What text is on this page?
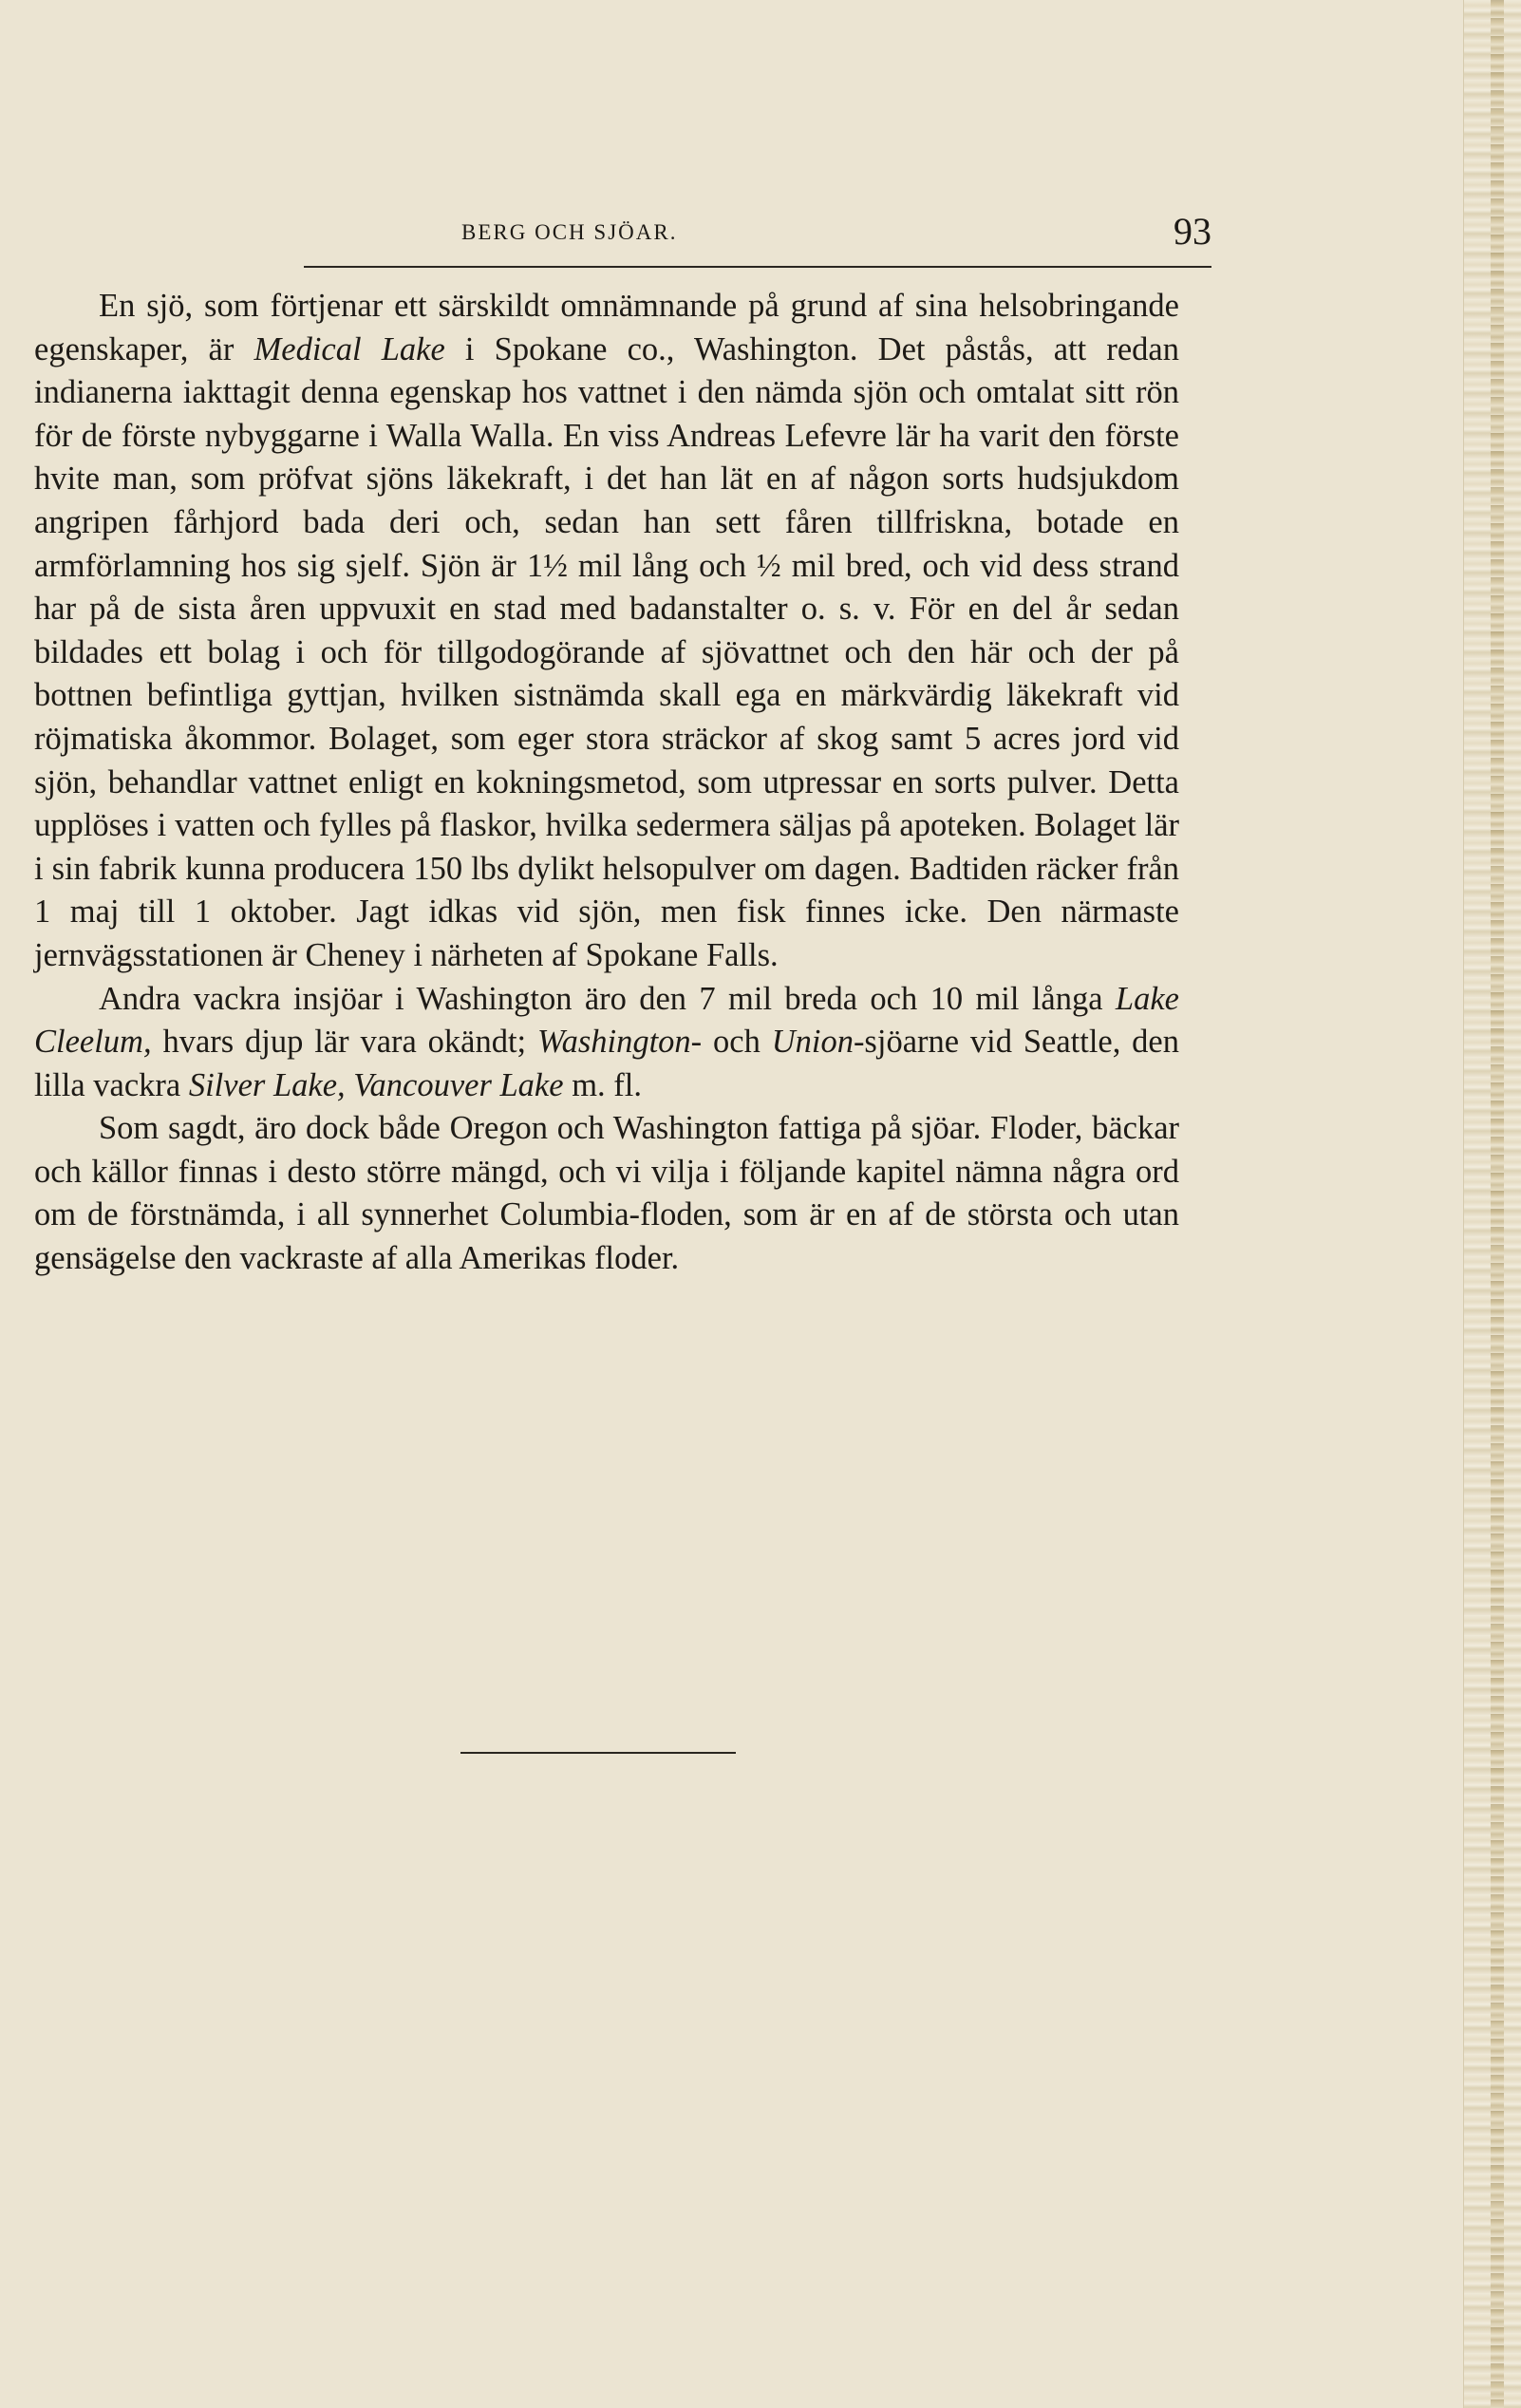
BERG OCH SJÖAR.	93

En sjö, som förtjenar ett särskildt omnämnande på grund af sina helsobringande egenskaper, är Medical Lake i Spokane co., Washington. Det påstås, att redan indianerna iakttagit denna egenskap hos vattnet i den nämda sjön och omtalat sitt rön för de förste nybyggarne i Walla Walla. En viss Andreas Lefevre lär ha varit den förste hvite man, som pröfvat sjöns läkekraft, i det han lät en af någon sorts hudsjukdom angripen fårhjord bada deri och, sedan han sett fåren tillfriskna, botade en armförlamning hos sig sjelf. Sjön är 1½ mil lång och ½ mil bred, och vid dess strand har på de sista åren uppvuxit en stad med badanstalter o. s. v. För en del år sedan bildades ett bolag i och för tillgodogörande af sjövattnet och den här och der på bottnen befintliga gyttjan, hvilken sistnämda skall ega en märkvärdig läkekraft vid röjmatiska åkommor. Bolaget, som eger stora sträckor af skog samt 5 acres jord vid sjön, behandlar vattnet enligt en kokningsmetod, som utpressar en sorts pulver. Detta upplöses i vatten och fylles på flaskor, hvilka sedermera säljas på apoteken. Bolaget lär i sin fabrik kunna producera 150 lbs dylikt helsopulver om dagen. Badtiden räcker från 1 maj till 1 oktober. Jagt idkas vid sjön, men fisk finnes icke. Den närmaste jernvägsstationen är Cheney i närheten af Spokane Falls.

Andra vackra insjöar i Washington äro den 7 mil breda och 10 mil långa Lake Cleelum, hvars djup lär vara okändt; Washington- och Union-sjöarne vid Seattle, den lilla vackra Silver Lake, Vancouver Lake m. fl.

Som sagdt, äro dock både Oregon och Washington fattiga på sjöar. Floder, bäckar och källor finnas i desto större mängd, och vi vilja i följande kapitel nämna några ord om de förstnämda, i all synnerhet Columbia-floden, som är en af de största och utan gensägelse den vackraste af alla Amerikas floder.
